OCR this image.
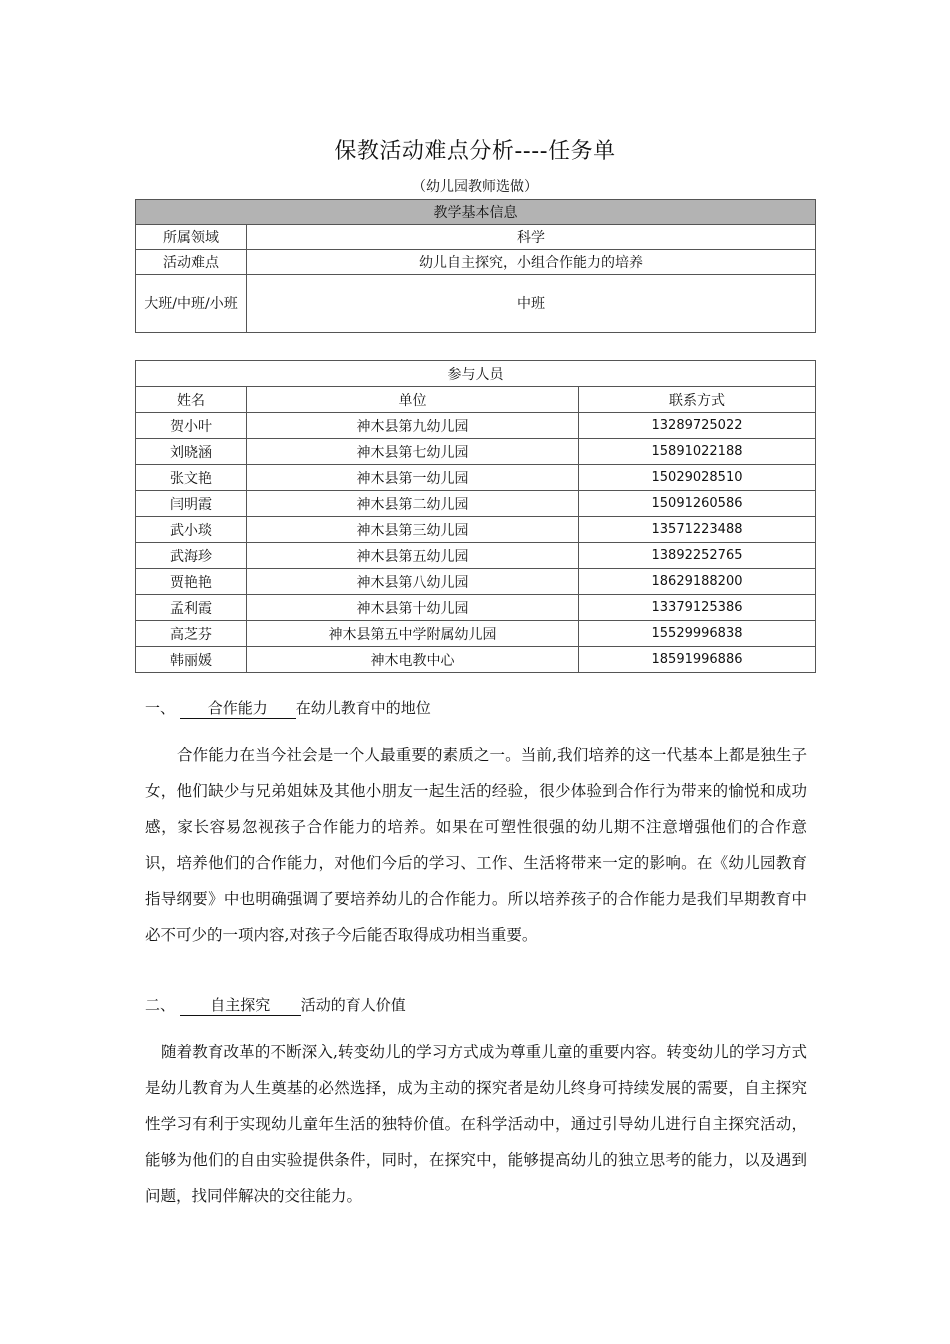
保教活动难点分析----任务单
（幼儿园教师选做）
教学基本信息	
所属领域	科学
活动难点	幼儿自主探究，小组合作能力的培养
大班/中班/小班	中班
参与人员		
姓名	单位	联系方式
贺小叶	神木县第九幼儿园	13289725022
刘晓涵	神木县第七幼儿园	15891022188
张文艳	神木县第一幼儿园	15029028510
闫明霞	神木县第二幼儿园	15091260586
武小琰	神木县第三幼儿园	13571223488
武海珍	神木县第五幼儿园	13892252765
贾艳艳	神木县第八幼儿园	18629188200
孟利霞	神木县第十幼儿园	13379125386
高芝芬	神木县第五中学附属幼儿园	15529996838
韩丽媛	神木电教中心	18591996886
一、 合作能力 在幼儿教育中的地位

合作能力在当今社会是一个人最重要的素质之一。当前,我们培养的这一代基本上都是独生子女，他们缺少与兄弟姐妹及其他小朋友一起生活的经验，很少体验到合作行为带来的愉悦和成功感，家长容易忽视孩子合作能力的培养。如果在可塑性很强的幼儿期不注意增强他们的合作意识，培养他们的合作能力，对他们今后的学习、工作、生活将带来一定的影响。在《幼儿园教育指导纲要》中也明确强调了要培养幼儿的合作能力。所以培养孩子的合作能力是我们早期教育中必不可少的一项内容,对孩子今后能否取得成功相当重要。

二、 自主探究 活动的育人价值

随着教育改革的不断深入,转变幼儿的学习方式成为尊重儿童的重要内容。转变幼儿的学习方式是幼儿教育为人生奠基的必然选择，成为主动的探究者是幼儿终身可持续发展的需要，自主探究性学习有利于实现幼儿童年生活的独特价值。在科学活动中，通过引导幼儿进行自主探究活动，能够为他们的自由实验提供条件，同时，在探究中，能够提高幼儿的独立思考的能力，以及遇到问题，找同伴解决的交往能力。
